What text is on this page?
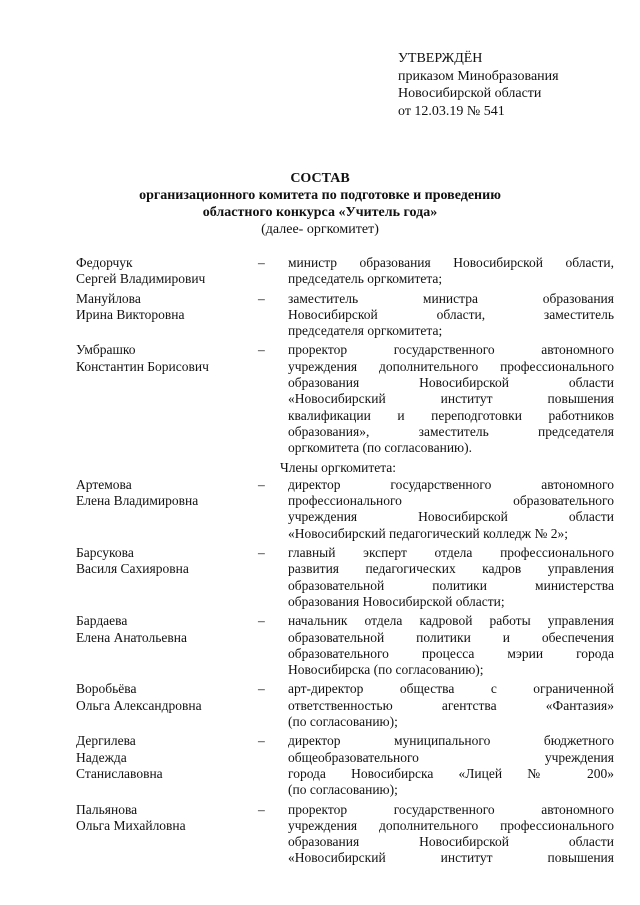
УТВЕРЖДЁН
приказом Минобразования
Новосибирской области
от 12.03.19 № 541
СОСТАВ
организационного комитета по подготовке и проведению
областного конкурса «Учитель года»
(далее- оргкомитет)
Федорчук
Сергей Владимирович
–	министр образования Новосибирской области,
председатель оргкомитета;
Мануйлова
Ирина Викторовна
–	заместитель министра образования
Новосибирской области, заместитель
председателя оргкомитета;
Умбрашко
Константин Борисович
–	проректор государственного автономного
учреждения дополнительного профессионального
образования Новосибирской области
«Новосибирский институт повышения
квалификации и переподготовки работников
образования», заместитель председателя
оргкомитета (по согласованию).
Члены оргкомитета:
Артемова
Елена Владимировна
–	директор государственного автономного
профессионального образовательного
учреждения Новосибирской области
«Новосибирский педагогический колледж № 2»;
Барсукова
Василя Сахияровна
–	главный эксперт отдела профессионального
развития педагогических кадров управления
образовательной политики министерства
образования Новосибирской области;
Бардаева
Елена Анатольевна
–	начальник отдела кадровой работы управления
образовательной политики и обеспечения
образовательного процесса мэрии города
Новосибирска (по согласованию);
Воробьёва
Ольга Александровна
–	арт-директор общества с ограниченной
ответственностью агентства «Фантазия»
(по согласованию);
Дергилева
Надежда
Станиславовна
–	директор муниципального бюджетного
общеобразовательного учреждения
города Новосибирска «Лицей № 200»
(по согласованию);
Пальянова
Ольга Михайловна
–	проректор государственного автономного
учреждения дополнительного профессионального
образования Новосибирской области
«Новосибирский институт повышения
